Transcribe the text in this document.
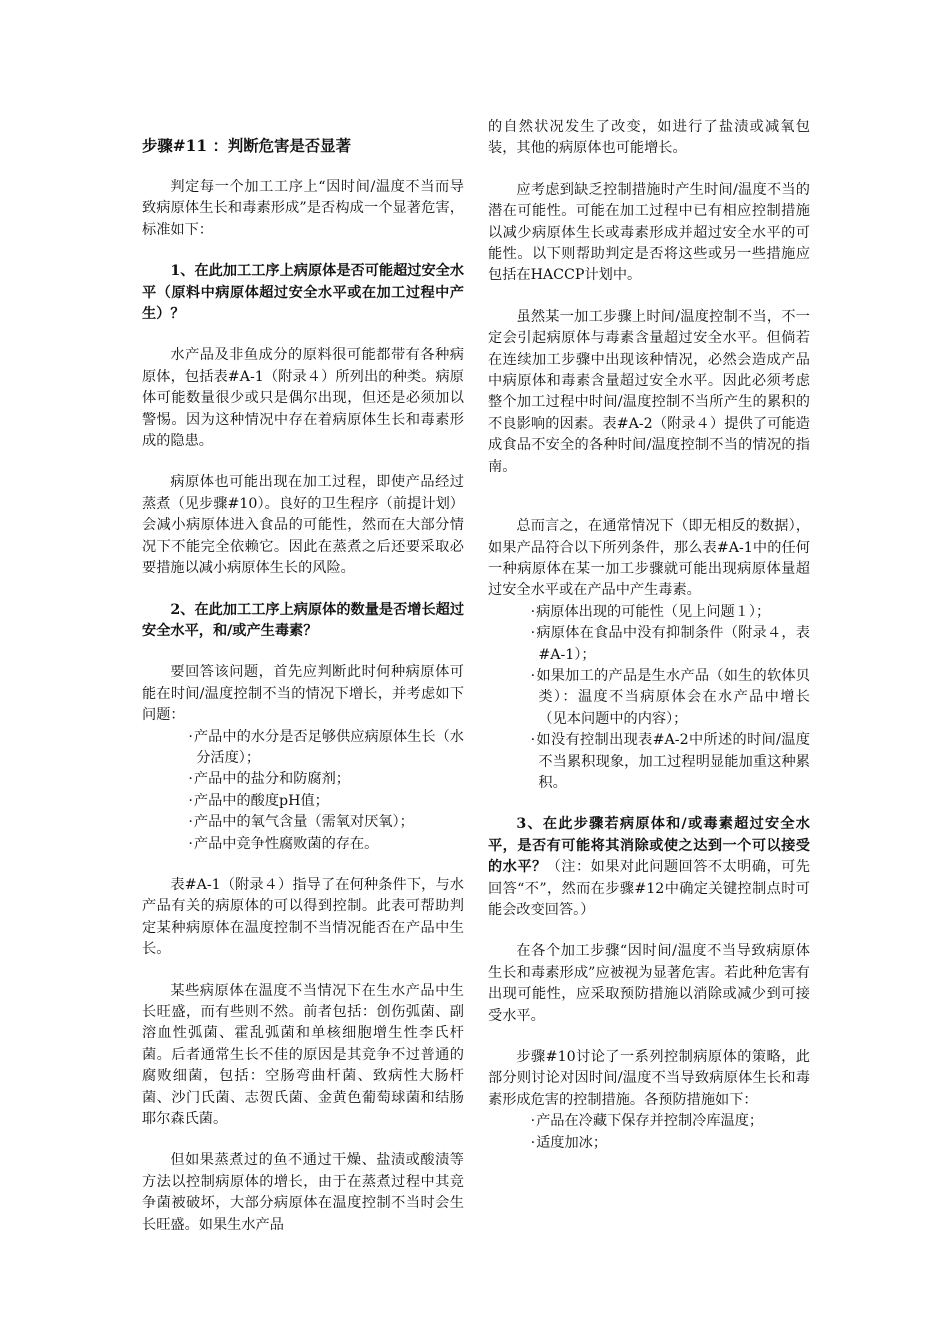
步骤#11 ：判断危害是否显著

判定每一个加工工序上“因时间/温度不当而导致病原体生长和毒素形成”是否构成一个显著危害，标准如下：

1、在此加工工序上病原体是否可能超过安全水平（原料中病原体超过安全水平或在加工过程中产生）？

水产品及非鱼成分的原料很可能都带有各种病原体，包括表#A-1（附录４）所列出的种类。病原体可能数量很少或只是偶尔出现，但还是必须加以警惕。因为这种情况中存在着病原体生长和毒素形成的隐患。

病原体也可能出现在加工过程，即使产品经过蒸煮（见步骤#10）。良好的卫生程序（前提计划）会减小病原体进入食品的可能性，然而在大部分情况下不能完全依赖它。因此在蒸煮之后还要采取必要措施以减小病原体生长的风险。

2、在此加工工序上病原体的数量是否增长超过安全水平，和/或产生毒素？

要回答该问题，首先应判断此时何种病原体可能在时间/温度控制不当的情况下增长，并考虑如下问题：

·产品中的水分是否足够供应病原体生长（水分活度）；
·产品中的盐分和防腐剂；
·产品中的酸度pH值；
·产品中的氧气含量（需氧对厌氧）；
·产品中竞争性腐败菌的存在。

表#A-1（附录４）指导了在何种条件下，与水产品有关的病原体的可以得到控制。此表可帮助判定某种病原体在温度控制不当情况能否在产品中生长。

某些病原体在温度不当情况下在生水产品中生长旺盛，而有些则不然。前者包括：创伤弧菌、副溶血性弧菌、霍乱弧菌和单核细胞增生性李氏杆菌。后者通常生长不佳的原因是其竞争不过普通的腐败细菌，包括：空肠弯曲杆菌、致病性大肠杆菌、沙门氏菌、志贺氏菌、金黄色葡萄球菌和结肠耶尔森氏菌。

但如果蒸煮过的鱼不通过干燥、盐渍或酸渍等方法以控制病原体的增长，由于在蒸煮过程中其竞争菌被破坏，大部分病原体在温度控制不当时会生长旺盛。如果生水产品

的自然状况发生了改变，如进行了盐渍或减氧包装，其他的病原体也可能增长。

应考虑到缺乏控制措施时产生时间/温度不当的潜在可能性。可能在加工过程中已有相应控制措施以减少病原体生长或毒素形成并超过安全水平的可能性。以下则帮助判定是否将这些或另一些措施应包括在HACCP计划中。

虽然某一加工步骤上时间/温度控制不当，不一定会引起病原体与毒素含量超过安全水平。但倘若在连续加工步骤中出现该种情况，必然会造成产品中病原体和毒素含量超过安全水平。因此必须考虑整个加工过程中时间/温度控制不当所产生的累积的不良影响的因素。表#A-2（附录４）提供了可能造成食品不安全的各种时间/温度控制不当的情况的指南。

总而言之，在通常情况下（即无相反的数据），如果产品符合以下所列条件，那么表#A-1中的任何一种病原体在某一加工步骤就可能出现病原体量超过安全水平或在产品中产生毒素。

·病原体出现的可能性（见上问题１）；
·病原体在食品中没有抑制条件（附录４，表#A-1）；
·如果加工的产品是生水产品（如生的软体贝类）：温度不当病原体会在水产品中增长（见本问题中的内容）；
·如没有控制出现表#A-2中所述的时间/温度不当累积现象，加工过程明显能加重这种累积。

3、在此步骤若病原体和/或毒素超过安全水平，是否有可能将其消除或使之达到一个可以接受的水平？（注：如果对此问题回答不太明确，可先回答“不”，然而在步骤#12中确定关键控制点时可能会改变回答。）

在各个加工步骤“因时间/温度不当导致病原体生长和毒素形成”应被视为显著危害。若此种危害有出现可能性，应采取预防措施以消除或减少到可接受水平。

步骤#10讨论了一系列控制病原体的策略，此部分则讨论对因时间/温度不当导致病原体生长和毒素形成危害的控制措施。各预防措施如下：

·产品在冷藏下保存并控制冷库温度；
·适度加冰；
